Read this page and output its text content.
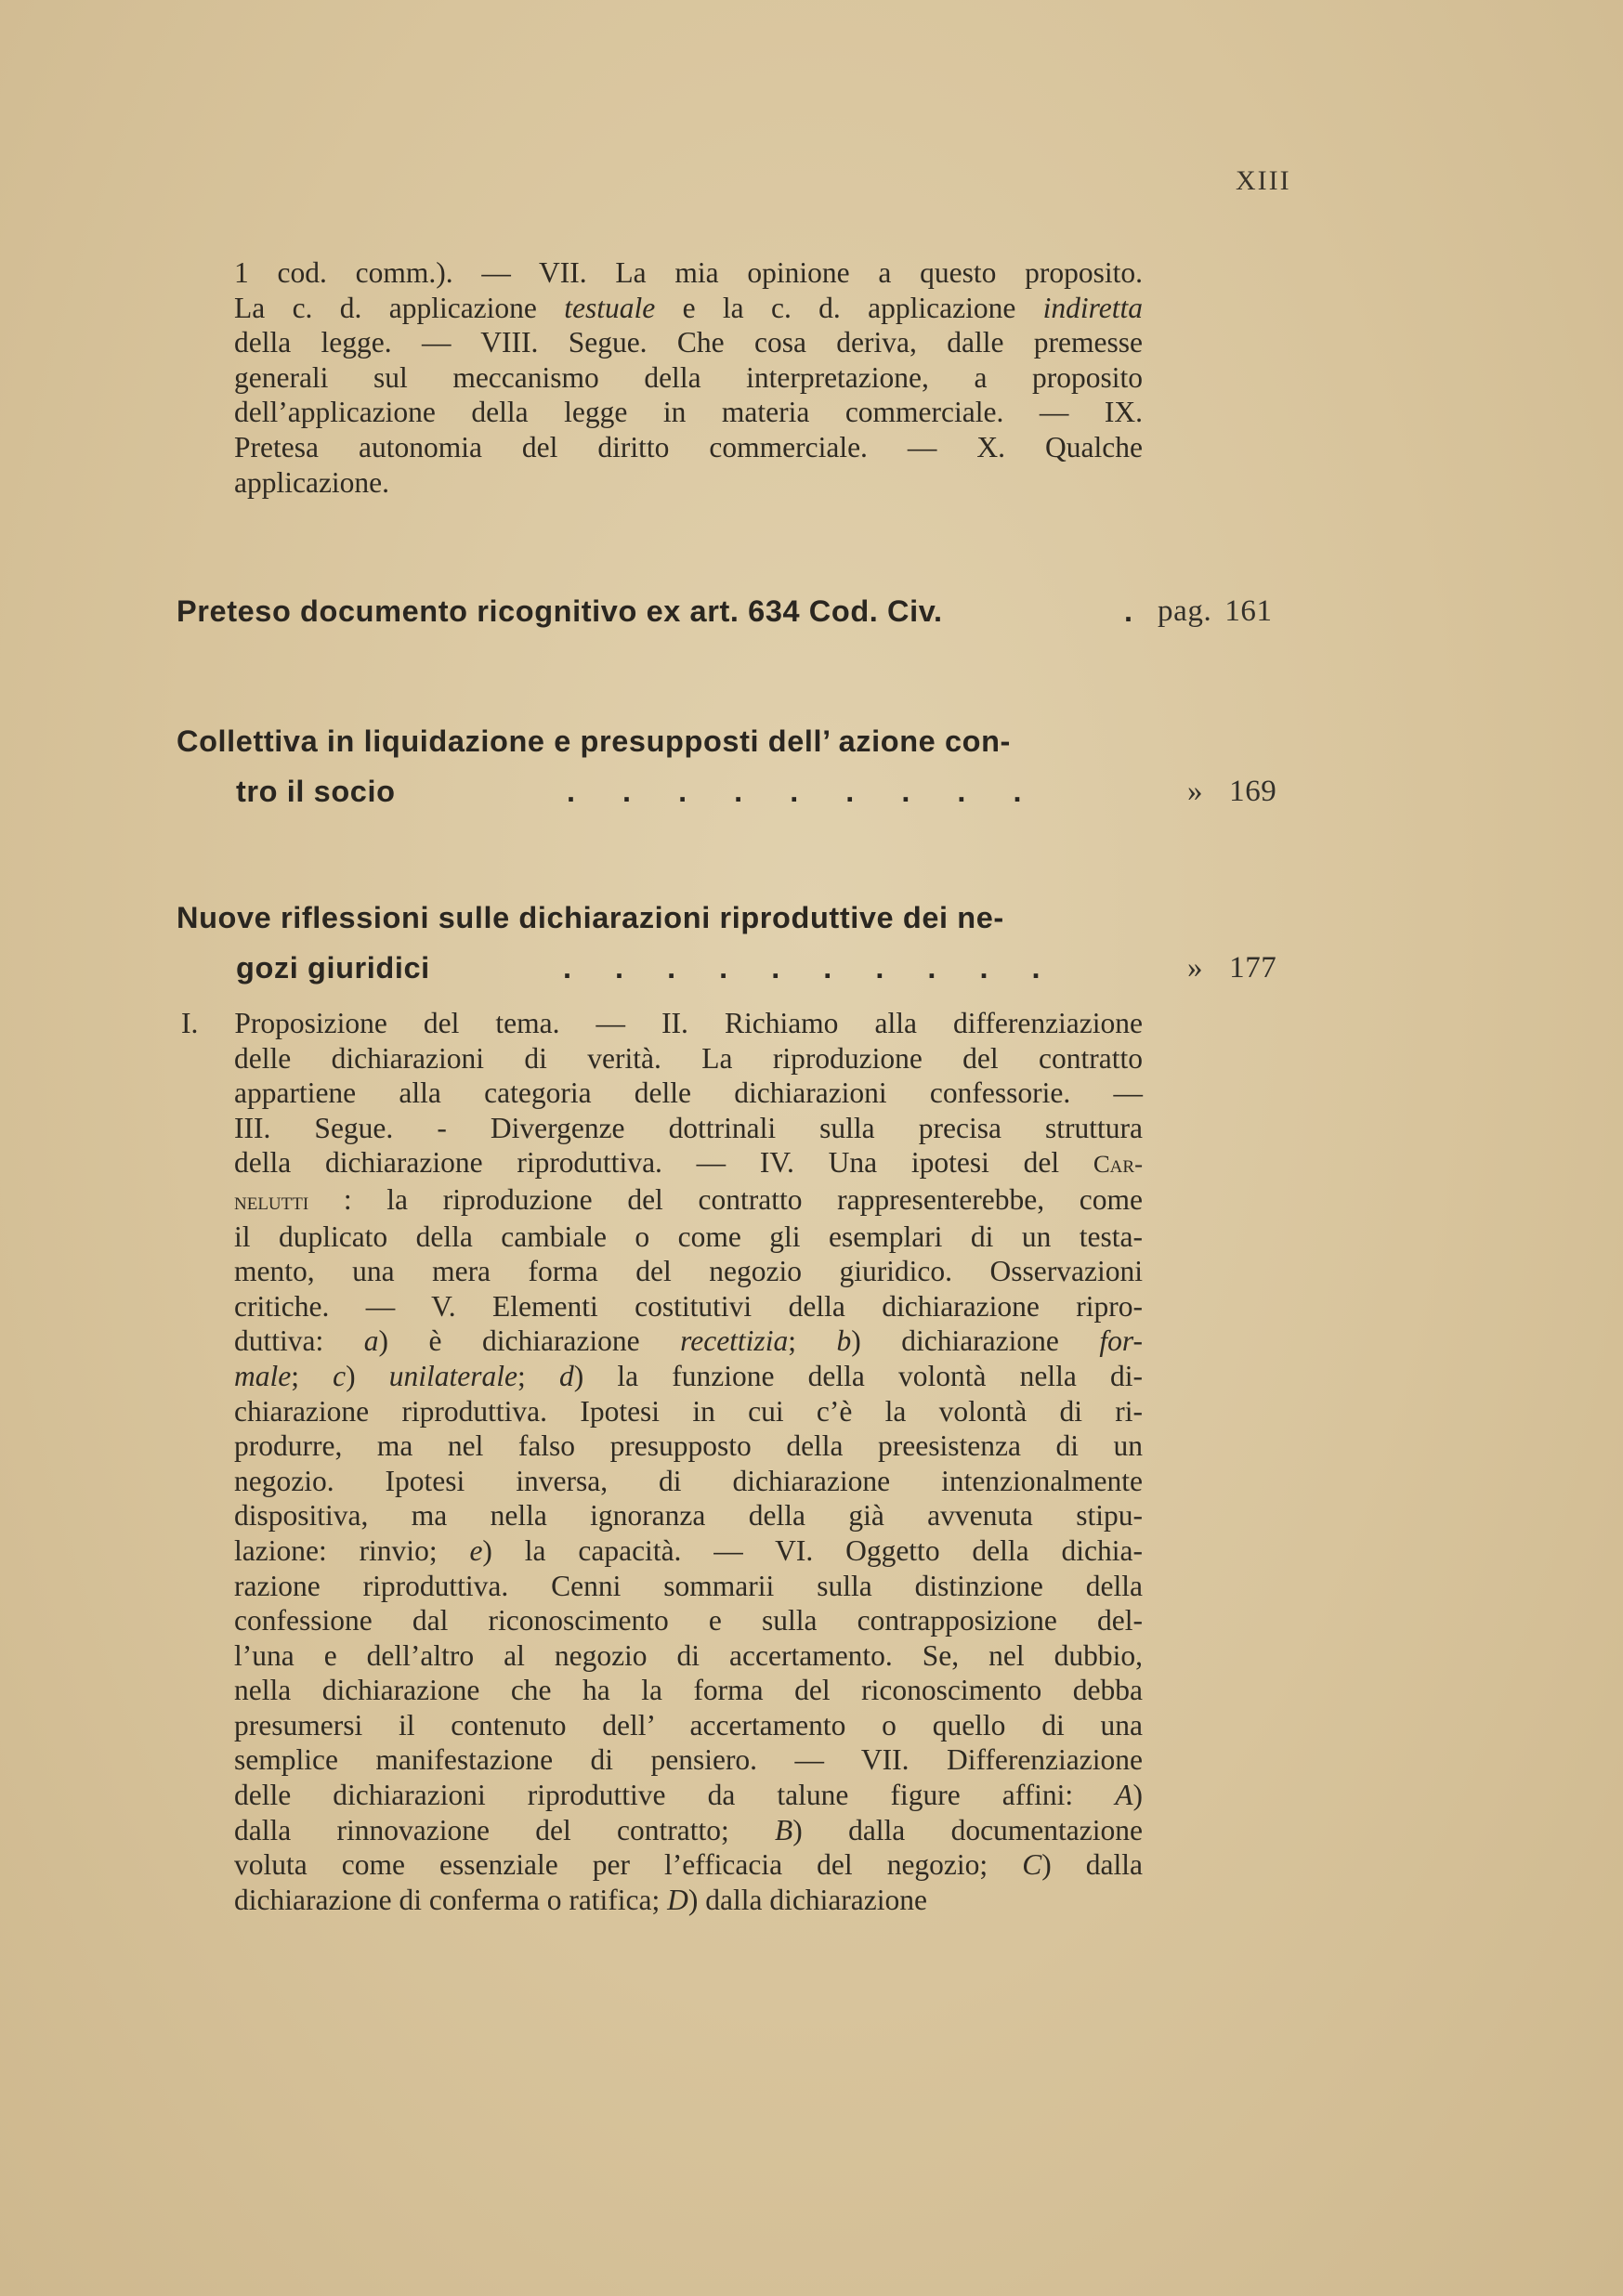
XIII
1 cod. comm.). — VII. La mia opinione a questo proposito.
La c. d. applicazione testuale e la c. d. applicazione indiretta
della legge. — VIII. Segue. Che cosa deriva, dalle premesse
generali sul meccanismo della interpretazione, a proposito
dell’applicazione della legge in materia commerciale. — IX.
Pretesa autonomia del diritto commerciale. — X. Qualche
applicazione.
Preteso documento ricognitivo ex art. 634 Cod. Civ.	. pag. 161
Collettiva in liquidazione e presupposti dell’ azione con-
tro il socio	. . . . . . . . .	» 169
Nuove riflessioni sulle dichiarazioni riproduttive dei ne-
gozi giuridici	. . . . . . . . . .	» 177
I. Proposizione del tema. — II. Richiamo alla differenziazione
delle dichiarazioni di verità. La riproduzione del contratto
appartiene alla categoria delle dichiarazioni confessorie. —
III. Segue. - Divergenze dottrinali sulla precisa struttura
della dichiarazione riproduttiva. — IV. Una ipotesi del Car-
nelutti : la riproduzione del contratto rappresenterebbe, come
il duplicato della cambiale o come gli esemplari di un testa-
mento, una mera forma del negozio giuridico. Osservazioni
critiche. — V. Elementi costitutivi della dichiarazione ripro-
duttiva: a) è dichiarazione recettizia; b) dichiarazione for-
male; c) unilaterale; d) la funzione della volontà nella di-
chiarazione riproduttiva. Ipotesi in cui c’è la volontà di ri-
produrre, ma nel falso presupposto della preesistenza di un
negozio. Ipotesi inversa, di dichiarazione intenzionalmente
dispositiva, ma nella ignoranza della già avvenuta stipu-
lazione: rinvio; e) la capacità. — VI. Oggetto della dichia-
razione riproduttiva. Cenni sommarii sulla distinzione della
confessione dal riconoscimento e sulla contrapposizione del-
l’una e dell’altro al negozio di accertamento. Se, nel dubbio,
nella dichiarazione che ha la forma del riconoscimento debba
presumersi il contenuto dell’ accertamento o quello di una
semplice manifestazione di pensiero. — VII. Differenziazione
delle dichiarazioni riproduttive da talune figure affini: A)
dalla rinnovazione del contratto; B) dalla documentazione
voluta come essenziale per l’efficacia del negozio; C) dalla
dichiarazione di conferma o ratifica; D) dalla dichiarazione
